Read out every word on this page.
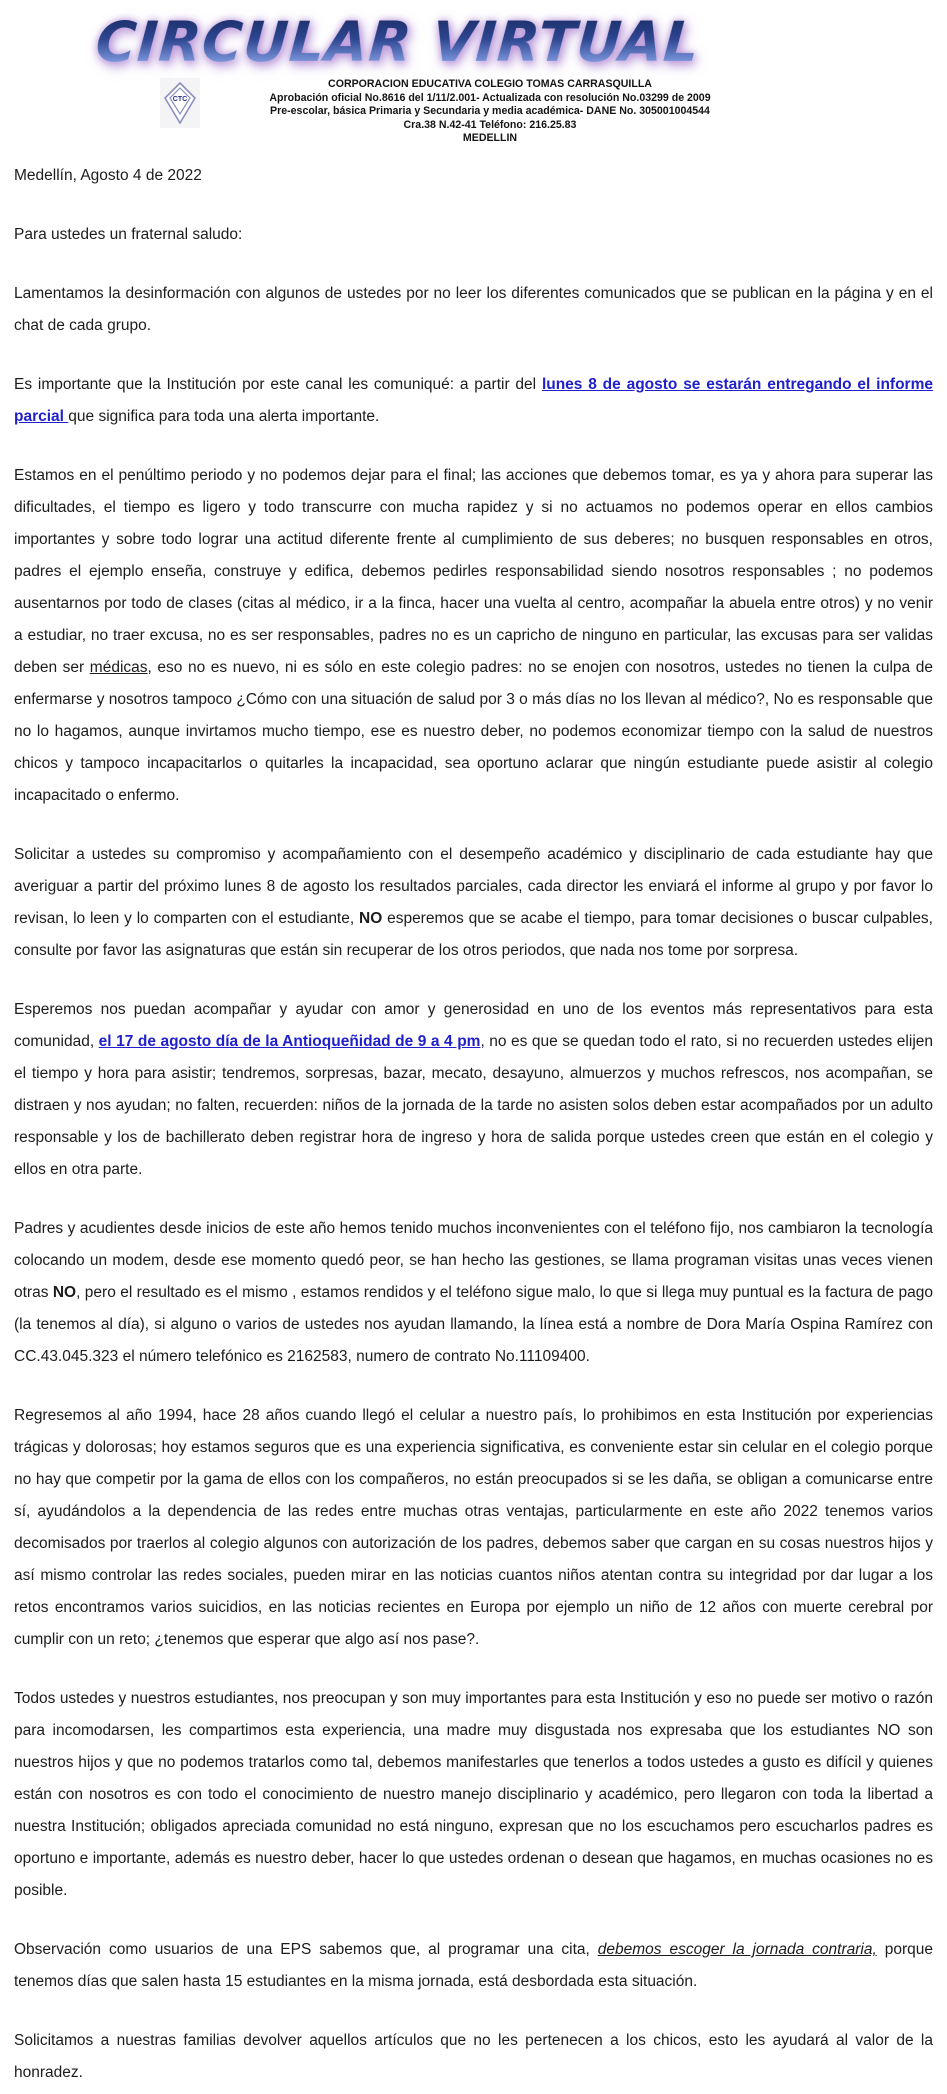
CIRCULAR VIRTUAL
CTC
CORPORACION EDUCATIVA COLEGIO TOMAS CARRASQUILLA
Aprobación oficial No.8616 del 1/11/2.001- Actualizada con resolución No.03299 de 2009
Pre-escolar, básica Primaria y Secundaria y media académica- DANE No. 305001004544
Cra.38 N.42-41 Teléfono: 216.25.83
MEDELLIN

Medellín, Agosto 4 de 2022

Para ustedes un fraternal saludo:

Lamentamos la desinformación con algunos de ustedes por no leer los diferentes comunicados que se publican en la página y en el chat de cada grupo.

Es importante que la Institución por este canal les comuniqué: a partir del lunes 8 de agosto se estarán entregando el informe parcial que significa para toda una alerta importante.

Estamos en el penúltimo periodo y no podemos dejar para el final; las acciones que debemos tomar, es ya y ahora para superar las dificultades, el tiempo es ligero y todo transcurre con mucha rapidez y si no actuamos no podemos operar en ellos cambios importantes y sobre todo lograr una actitud diferente frente al cumplimiento de sus deberes; no busquen responsables en otros, padres el ejemplo enseña, construye y edifica, debemos pedirles responsabilidad siendo nosotros responsables ; no podemos ausentarnos por todo de clases (citas al médico, ir a la finca, hacer una vuelta al centro, acompañar la abuela entre otros) y no venir a estudiar, no traer excusa, no es ser responsables, padres no es un capricho de ninguno en particular, las excusas para ser validas deben ser médicas, eso no es nuevo, ni es sólo en este colegio padres: no se enojen con nosotros, ustedes no tienen la culpa de enfermarse y nosotros tampoco ¿Cómo con una situación de salud por 3 o más días no los llevan al médico?, No es responsable que no lo hagamos, aunque invirtamos mucho tiempo, ese es nuestro deber, no podemos economizar tiempo con la salud de nuestros chicos y tampoco incapacitarlos o quitarles la incapacidad, sea oportuno aclarar que ningún estudiante puede asistir al colegio incapacitado o enfermo.

Solicitar a ustedes su compromiso y acompañamiento con el desempeño académico y disciplinario de cada estudiante hay que averiguar a partir del próximo lunes 8 de agosto los resultados parciales, cada director les enviará el informe al grupo y por favor lo revisan, lo leen y lo comparten con el estudiante, NO esperemos que se acabe el tiempo, para tomar decisiones o buscar culpables, consulte por favor las asignaturas que están sin recuperar de los otros periodos, que nada nos tome por sorpresa.

Esperemos nos puedan acompañar y ayudar con amor y generosidad en uno de los eventos más representativos para esta comunidad, el 17 de agosto día de la Antioqueñidad de 9 a 4 pm, no es que se quedan todo el rato, si no recuerden ustedes elijen el tiempo y hora para asistir; tendremos, sorpresas, bazar, mecato, desayuno, almuerzos y muchos refrescos, nos acompañan, se distraen y nos ayudan; no falten, recuerden: niños de la jornada de la tarde no asisten solos deben estar acompañados por un adulto responsable y los de bachillerato deben registrar hora de ingreso y hora de salida porque ustedes creen que están en el colegio y ellos en otra parte.

Padres y acudientes desde inicios de este año hemos tenido muchos inconvenientes con el teléfono fijo, nos cambiaron la tecnología colocando un modem, desde ese momento quedó peor, se han hecho las gestiones, se llama programan visitas unas veces vienen otras NO, pero el resultado es el mismo , estamos rendidos y el teléfono sigue malo, lo que si llega muy puntual es la factura de pago (la tenemos al día), si alguno o varios de ustedes nos ayudan llamando, la línea está a nombre de Dora María Ospina Ramírez con CC.43.045.323 el número telefónico es 2162583, numero de contrato No.11109400.

Regresemos al año 1994, hace 28 años cuando llegó el celular a nuestro país, lo prohibimos en esta Institución por experiencias trágicas y dolorosas; hoy estamos seguros que es una experiencia significativa, es conveniente estar sin celular en el colegio porque no hay que competir por la gama de ellos con los compañeros, no están preocupados si se les daña, se obligan a comunicarse entre sí, ayudándolos a la dependencia de las redes entre muchas otras ventajas, particularmente en este año 2022 tenemos varios decomisados por traerlos al colegio algunos con autorización de los padres, debemos saber que cargan en su cosas nuestros hijos y así mismo controlar las redes sociales, pueden mirar en las noticias cuantos niños atentan contra su integridad por dar lugar a los retos encontramos varios suicidios, en las noticias recientes en Europa por ejemplo un niño de 12 años con muerte cerebral por cumplir con un reto; ¿tenemos que esperar que algo así nos pase?.

Todos ustedes y nuestros estudiantes, nos preocupan y son muy importantes para esta Institución y eso no puede ser motivo o razón para incomodarsen, les compartimos esta experiencia, una madre muy disgustada nos expresaba que los estudiantes NO son nuestros hijos y que no podemos tratarlos como tal, debemos manifestarles que tenerlos a todos ustedes a gusto es difícil y quienes están con nosotros es con todo el conocimiento de nuestro manejo disciplinario y académico, pero llegaron con toda la libertad a nuestra Institución; obligados apreciada comunidad no está ninguno, expresan que no los escuchamos pero escucharlos padres es oportuno e importante, además es nuestro deber, hacer lo que ustedes ordenan o desean que hagamos, en muchas ocasiones no es posible.

Observación como usuarios de una EPS sabemos que, al programar una cita, debemos escoger la jornada contraria, porque tenemos días que salen hasta 15 estudiantes en la misma jornada, está desbordada esta situación.

Solicitamos a nuestras familias devolver aquellos artículos que no les pertenecen a los chicos, esto les ayudará al valor de la honradez.
